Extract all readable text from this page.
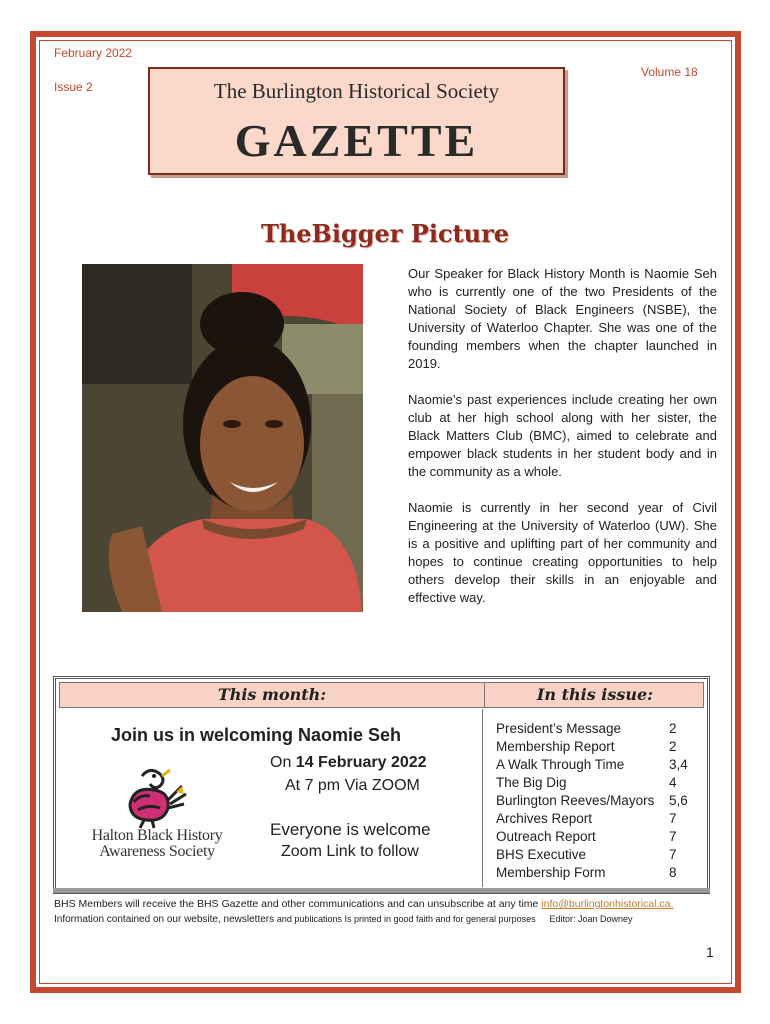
February 2022
Issue 2
Volume 18
The Burlington Historical Society
GAZETTE
TheBigger Picture

Our Speaker for Black History Month is Naomie Seh who is currently one of the two Presidents of the National Society of Black Engineers (NSBE), the University of Waterloo Chapter. She was one of the founding members when the chapter launched in 2019.

Naomie’s past experiences include creating her own club at her high school along with her sister, the Black Matters Club (BMC), aimed to celebrate and empower black students in her student body and in the community as a whole.

Naomie is currently in her second year of Civil Engineering at the University of Waterloo (UW). She is a positive and uplifting part of her community and hopes to continue creating opportunities to help others develop their skills in an enjoyable and effective way.

This month:	In this issue:
Join us in welcoming Naomie Seh
On 14 February 2022
At 7 pm Via ZOOM
Everyone is welcome
Zoom Link to follow
Halton Black History
Awareness Society
President’s Message	2
Membership Report	2
A Walk Through Time	3,4
The Big Dig	4
Burlington Reeves/Mayors 5,6
Archives Report	7
Outreach Report	7
BHS Executive	7
Membership Form	8
BHS Members will receive the BHS Gazette and other communications and can unsubscribe at any time info@burlingtonhistorical.ca.
Information contained on our website, newsletters and publications Is printed in good faith and for general purposes Editor: Joan Downey
1
